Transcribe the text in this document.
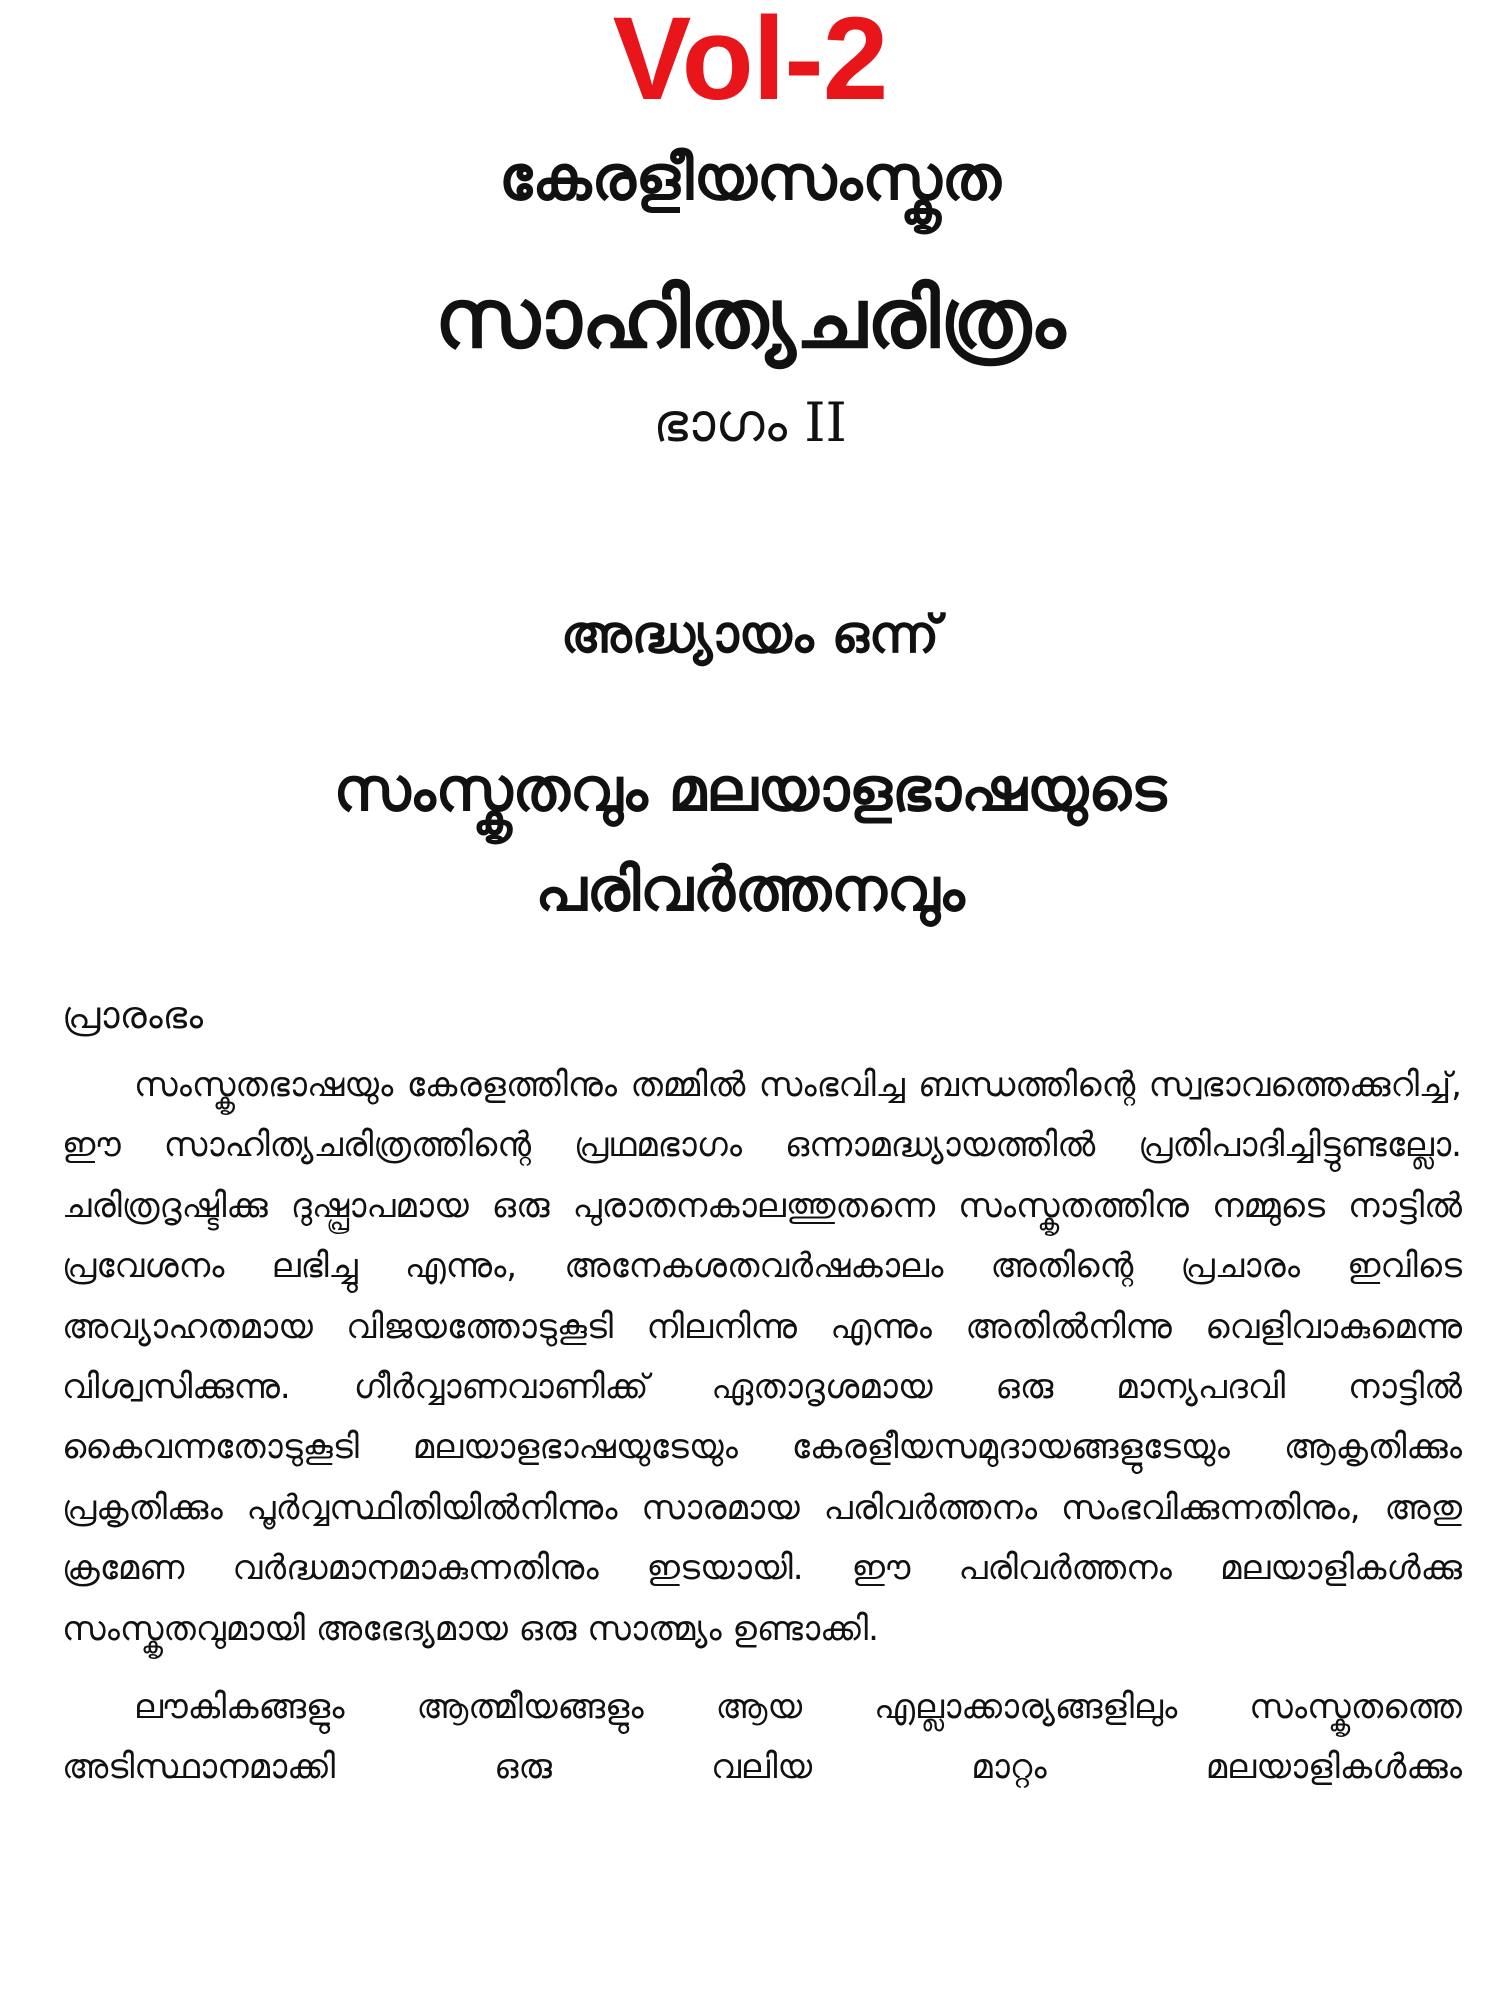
Vol-2
കേരളീയസംസ്കൃത
സാഹിത്യചരിത്രം
ഭാഗം II
അദ്ധ്യായം ഒന്ന്
സംസ്കൃതവും മലയാളഭാഷയുടെ
പരിവർത്തനവും
പ്രാരംഭം

സംസ്കൃതഭാഷയും കേരളത്തിനും തമ്മിൽ സംഭവിച്ച ബന്ധത്തിന്റെ സ്വഭാവത്തെക്കുറിച്ച്, ഈ സാഹിത്യചരിത്രത്തിന്റെ പ്രഥമഭാഗം ഒന്നാമദ്ധ്യായത്തിൽ പ്രതിപാദിച്ചിട്ടുണ്ടല്ലോ. ചരിത്രദൃഷ്ടിക്കു ദുഷ്പ്രാപമായ ഒരു പുരാതനകാലത്തുതന്നെ സംസ്കൃതത്തിനു നമ്മുടെ നാട്ടിൽ പ്രവേശനം ലഭിച്ചു എന്നും, അനേകശതവർഷകാലം അതിന്റെ പ്രചാരം ഇവിടെ അവ്യാഹതമായ വിജയത്തോടുകൂടി നിലനിന്നു എന്നും അതിൽനിന്നു വെളിവാകുമെന്നു വിശ്വസിക്കുന്നു. ഗീർവ്വാണവാണിക്ക് ഏതാദൃശമായ ഒരു മാന്യപദവി നാട്ടിൽ കൈവന്നതോടുകൂടി മലയാളഭാഷയുടേയും കേരളീയസമുദായങ്ങളുടേയും ആകൃതിക്കും പ്രകൃതിക്കും പൂർവ്വസ്ഥിതിയിൽനിന്നും സാരമായ പരിവർത്തനം സംഭവിക്കുന്നതിനും, അതു ക്രമേണ വർദ്ധമാനമാകുന്നതിനും ഇടയായി. ഈ പരിവർത്തനം മലയാളികൾക്കു സംസ്കൃതവുമായി അഭേദ്യമായ ഒരു സാത്മ്യം ഉണ്ടാക്കി.

ലൗകികങ്ങളും ആത്മീയങ്ങളും ആയ എല്ലാക്കാര്യങ്ങളിലും സംസ്കൃതത്തെ അടിസ്ഥാനമാക്കി ഒരു വലിയ മാറ്റം മലയാളികൾക്കും
